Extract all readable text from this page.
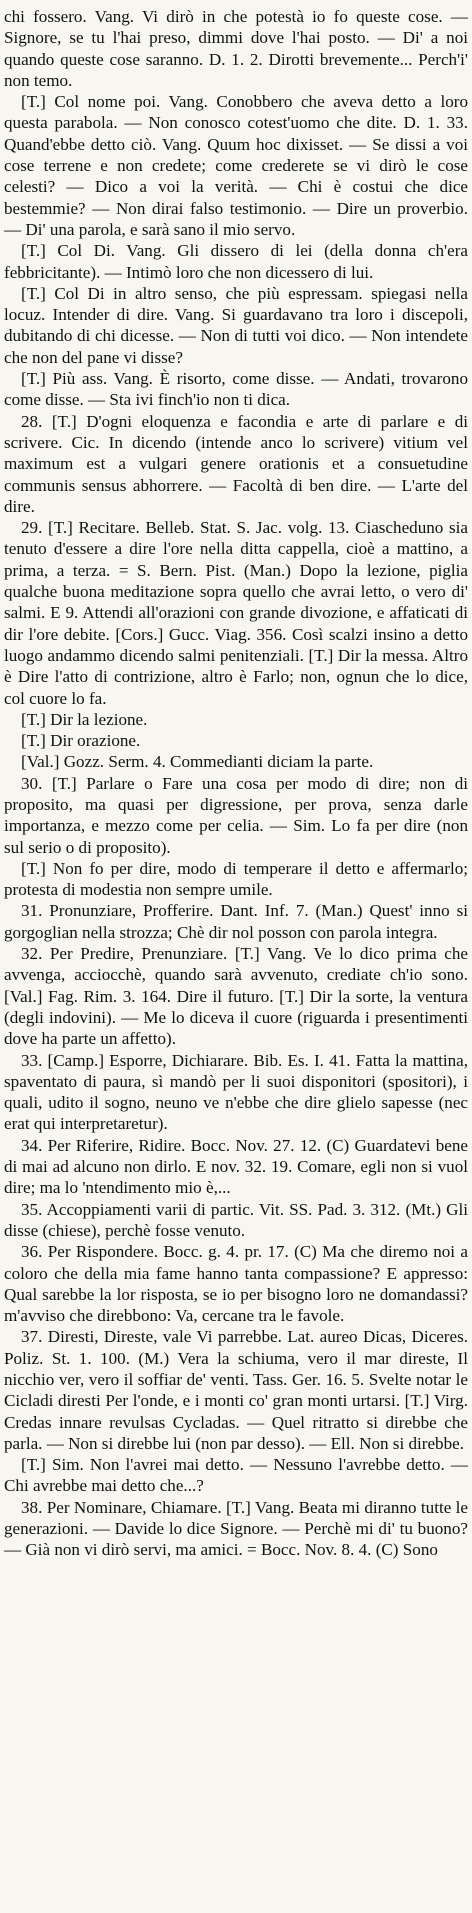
chi fossero. Vang. Vi dirò in che potestà io fo queste cose. — Signore, se tu l'hai preso, dimmi dove l'hai posto. — Di' a noi quando queste cose saranno. D. 1. 2. Dirotti brevemente... Perch'i' non temo.

[T.] Col nome poi. Vang. Conobbero che aveva detto a loro questa parabola. — Non conosco cotest'uomo che dite. D. 1. 33. Quand'ebbe detto ciò. Vang. Quum hoc dixisset. — Se dissi a voi cose terrene e non credete; come crederete se vi dirò le cose celesti? — Dico a voi la verità. — Chi è costui che dice bestemmie? — Non dirai falso testimonio. — Dire un proverbio. — Di' una parola, e sarà sano il mio servo.

[T.] Col Di. Vang. Gli dissero di lei (della donna ch'era febbricitante). — Intimò loro che non dicessero di lui.

[T.] Col Di in altro senso, che più espressam. spiegasi nella locuz. Intender di dire. Vang. Si guardavano tra loro i discepoli, dubitando di chi dicesse. — Non di tutti voi dico. — Non intendete che non del pane vi disse?

[T.] Più ass. Vang. È risorto, come disse. — Andati, trovarono come disse. — Sta ivi finch'io non ti dica.

28. [T.] D'ogni eloquenza e facondia e arte di parlare e di scrivere. Cic. In dicendo (intende anco lo scrivere) vitium vel maximum est a vulgari genere orationis et a consuetudine communis sensus abhorrere. — Facoltà di ben dire. — L'arte del dire.

29. [T.] Recitare. Belleb. Stat. S. Jac. volg. 13. Ciascheduno sia tenuto d'essere a dire l'ore nella ditta cappella, cioè a mattino, a prima, a terza. = S. Bern. Pist. (Man.) Dopo la lezione, piglia qualche buona meditazione sopra quello che avrai letto, o vero di' salmi. E 9. Attendi all'orazioni con grande divozione, e affaticati di dir l'ore debite. [Cors.] Gucc. Viag. 356. Così scalzi insino a detto luogo andammo dicendo salmi penitenziali. [T.] Dir la messa. Altro è Dire l'atto di contrizione, altro è Farlo; non, ognun che lo dice, col cuore lo fa.

[T.] Dir la lezione.

[T.] Dir orazione.

[Val.] Gozz. Serm. 4. Commedianti diciam la parte.

30. [T.] Parlare o Fare una cosa per modo di dire; non di proposito, ma quasi per digressione, per prova, senza darle importanza, e mezzo come per celia. — Sim. Lo fa per dire (non sul serio o di proposito).

[T.] Non fo per dire, modo di temperare il detto e affermarlo; protesta di modestia non sempre umile.

31. Pronunziare, Profferire. Dant. Inf. 7. (Man.) Quest' inno si gorgoglian nella strozza; Chè dir nol posson con parola integra.

32. Per Predire, Prenunziare. [T.] Vang. Ve lo dico prima che avvenga, acciocchè, quando sarà avvenuto, crediate ch'io sono. [Val.] Fag. Rim. 3. 164. Dire il futuro. [T.] Dir la sorte, la ventura (degli indovini). — Me lo diceva il cuore (riguarda i presentimenti dove ha parte un affetto).

33. [Camp.] Esporre, Dichiarare. Bib. Es. I. 41. Fatta la mattina, spaventato di paura, sì mandò per li suoi disponitori (spositori), i quali, udito il sogno, neuno ve n'ebbe che dire glielo sapesse (nec erat qui interpretaretur).

34. Per Riferire, Ridire. Bocc. Nov. 27. 12. (C) Guardatevi bene di mai ad alcuno non dirlo. E nov. 32. 19. Comare, egli non si vuol dire; ma lo 'ntendimento mio è,...

35. Accoppiamenti varii di partic. Vit. SS. Pad. 3. 312. (Mt.) Gli disse (chiese), perchè fosse venuto.

36. Per Rispondere. Bocc. g. 4. pr. 17. (C) Ma che diremo noi a coloro che della mia fame hanno tanta compassione? E appresso: Qual sarebbe la lor risposta, se io per bisogno loro ne domandassi? m'avviso che direbbono: Va, cercane tra le favole.

37. Diresti, Direste, vale Vi parrebbe. Lat. aureo Dicas, Diceres. Poliz. St. 1. 100. (M.) Vera la schiuma, vero il mar direste, Il nicchio ver, vero il soffiar de' venti. Tass. Ger. 16. 5. Svelte notar le Cicladi diresti Per l'onde, e i monti co' gran monti urtarsi. [T.] Virg. Credas innare revulsas Cycladas. — Quel ritratto si direbbe che parla. — Non si direbbe lui (non par desso). — Ell. Non si direbbe.

[T.] Sim. Non l'avrei mai detto. — Nessuno l'avrebbe detto. — Chi avrebbe mai detto che...?

38. Per Nominare, Chiamare. [T.] Vang. Beata mi diranno tutte le generazioni. — Davide lo dice Signore. — Perchè mi di' tu buono? — Già non vi dirò servi, ma amici. = Bocc. Nov. 8. 4. (C) Sono
